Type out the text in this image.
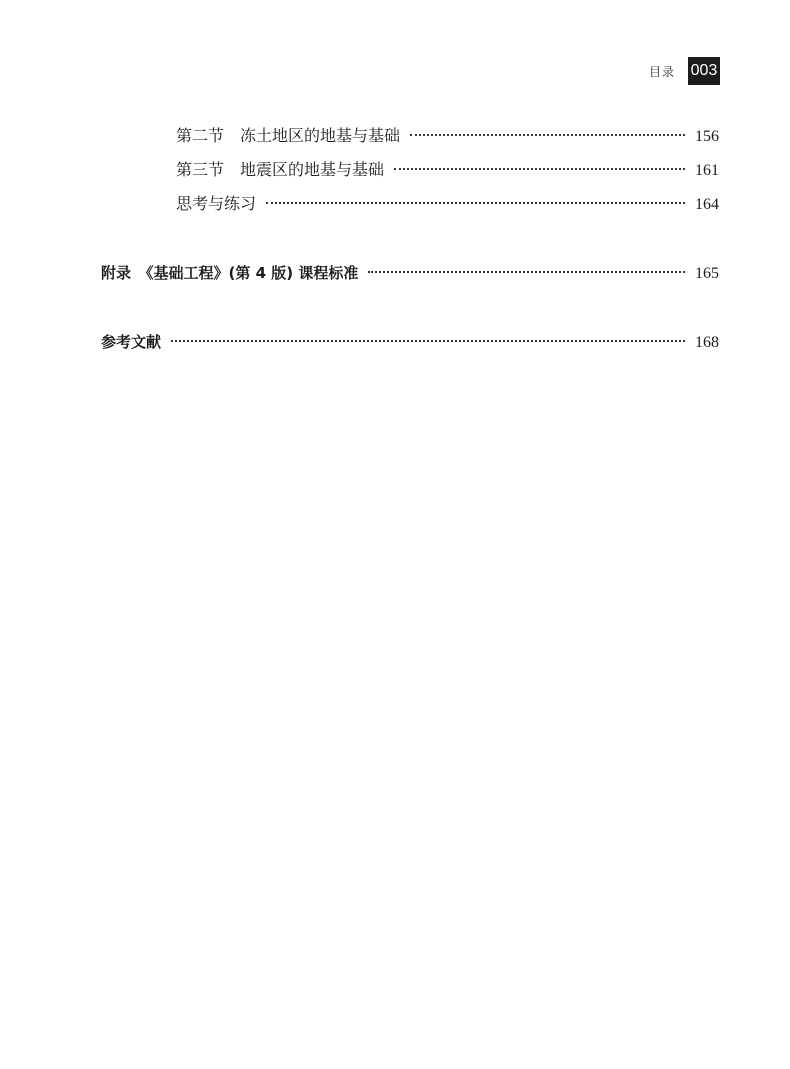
目录 003
第二节　冻土地区的地基与基础	156
第三节　地震区的地基与基础	161
思考与练习	164
附录　《基础工程》(第 4 版) 课程标准	165
参考文献	168
